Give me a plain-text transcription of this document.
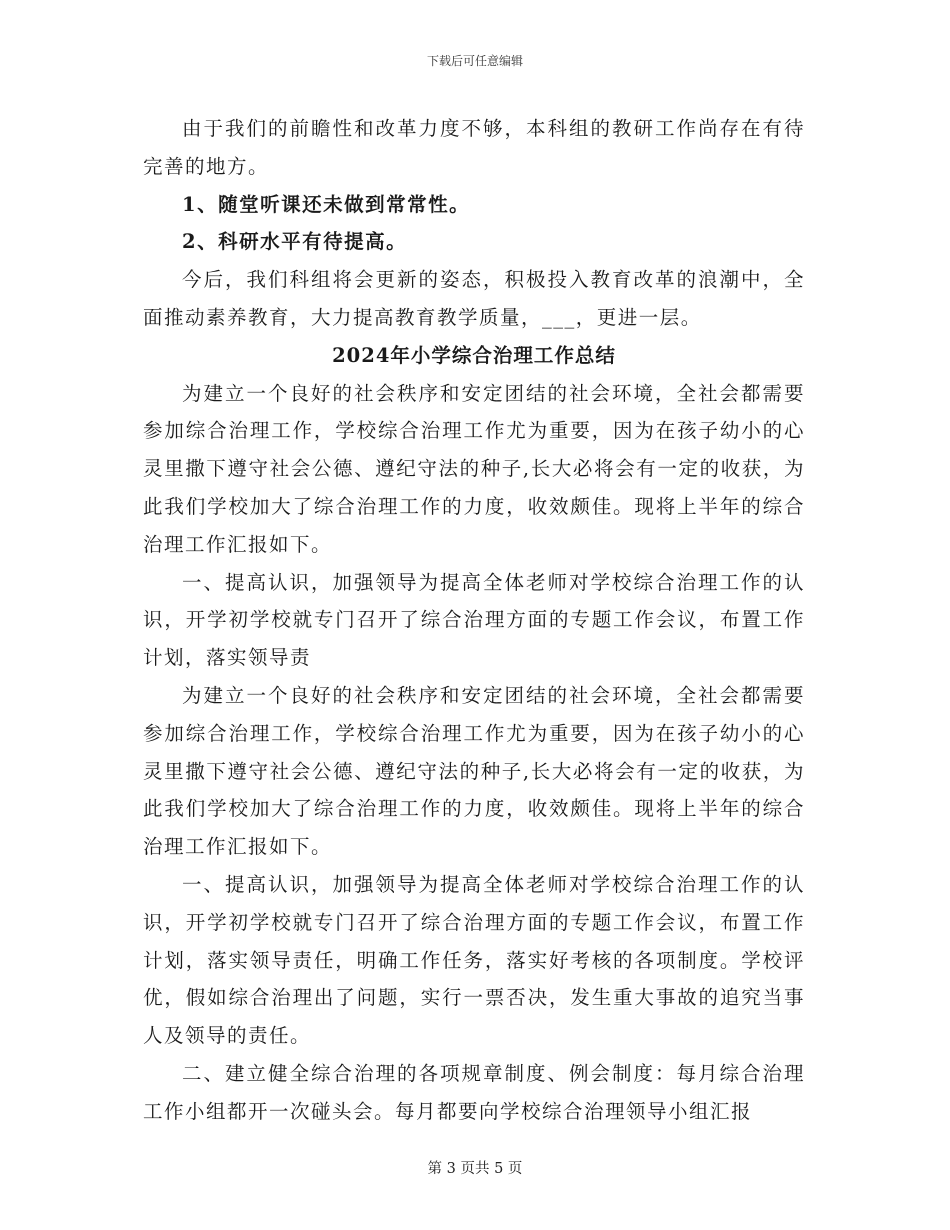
下载后可任意编辑

由于我们的前瞻性和改革力度不够，本科组的教研工作尚存在有待完善的地方。

1、随堂听课还未做到常常性。

2、科研水平有待提高。

今后，我们科组将会更新的姿态，积极投入教育改革的浪潮中，全面推动素养教育，大力提高教育教学质量，___，更进一层。

2024年小学综合治理工作总结

为建立一个良好的社会秩序和安定团结的社会环境，全社会都需要参加综合治理工作，学校综合治理工作尤为重要，因为在孩子幼小的心灵里撒下遵守社会公德、遵纪守法的种子,长大必将会有一定的收获，为此我们学校加大了综合治理工作的力度，收效颇佳。现将上半年的综合治理工作汇报如下。

一、提高认识，加强领导为提高全体老师对学校综合治理工作的认识，开学初学校就专门召开了综合治理方面的专题工作会议，布置工作计划，落实领导责

为建立一个良好的社会秩序和安定团结的社会环境，全社会都需要参加综合治理工作，学校综合治理工作尤为重要，因为在孩子幼小的心灵里撒下遵守社会公德、遵纪守法的种子,长大必将会有一定的收获，为此我们学校加大了综合治理工作的力度，收效颇佳。现将上半年的综合治理工作汇报如下。

一、提高认识，加强领导为提高全体老师对学校综合治理工作的认识，开学初学校就专门召开了综合治理方面的专题工作会议，布置工作计划，落实领导责任，明确工作任务，落实好考核的各项制度。学校评优，假如综合治理出了问题，实行一票否决，发生重大事故的追究当事人及领导的责任。

二、建立健全综合治理的各项规章制度、例会制度：每月综合治理工作小组都开一次碰头会。每月都要向学校综合治理领导小组汇报

第 3 页共 5 页
